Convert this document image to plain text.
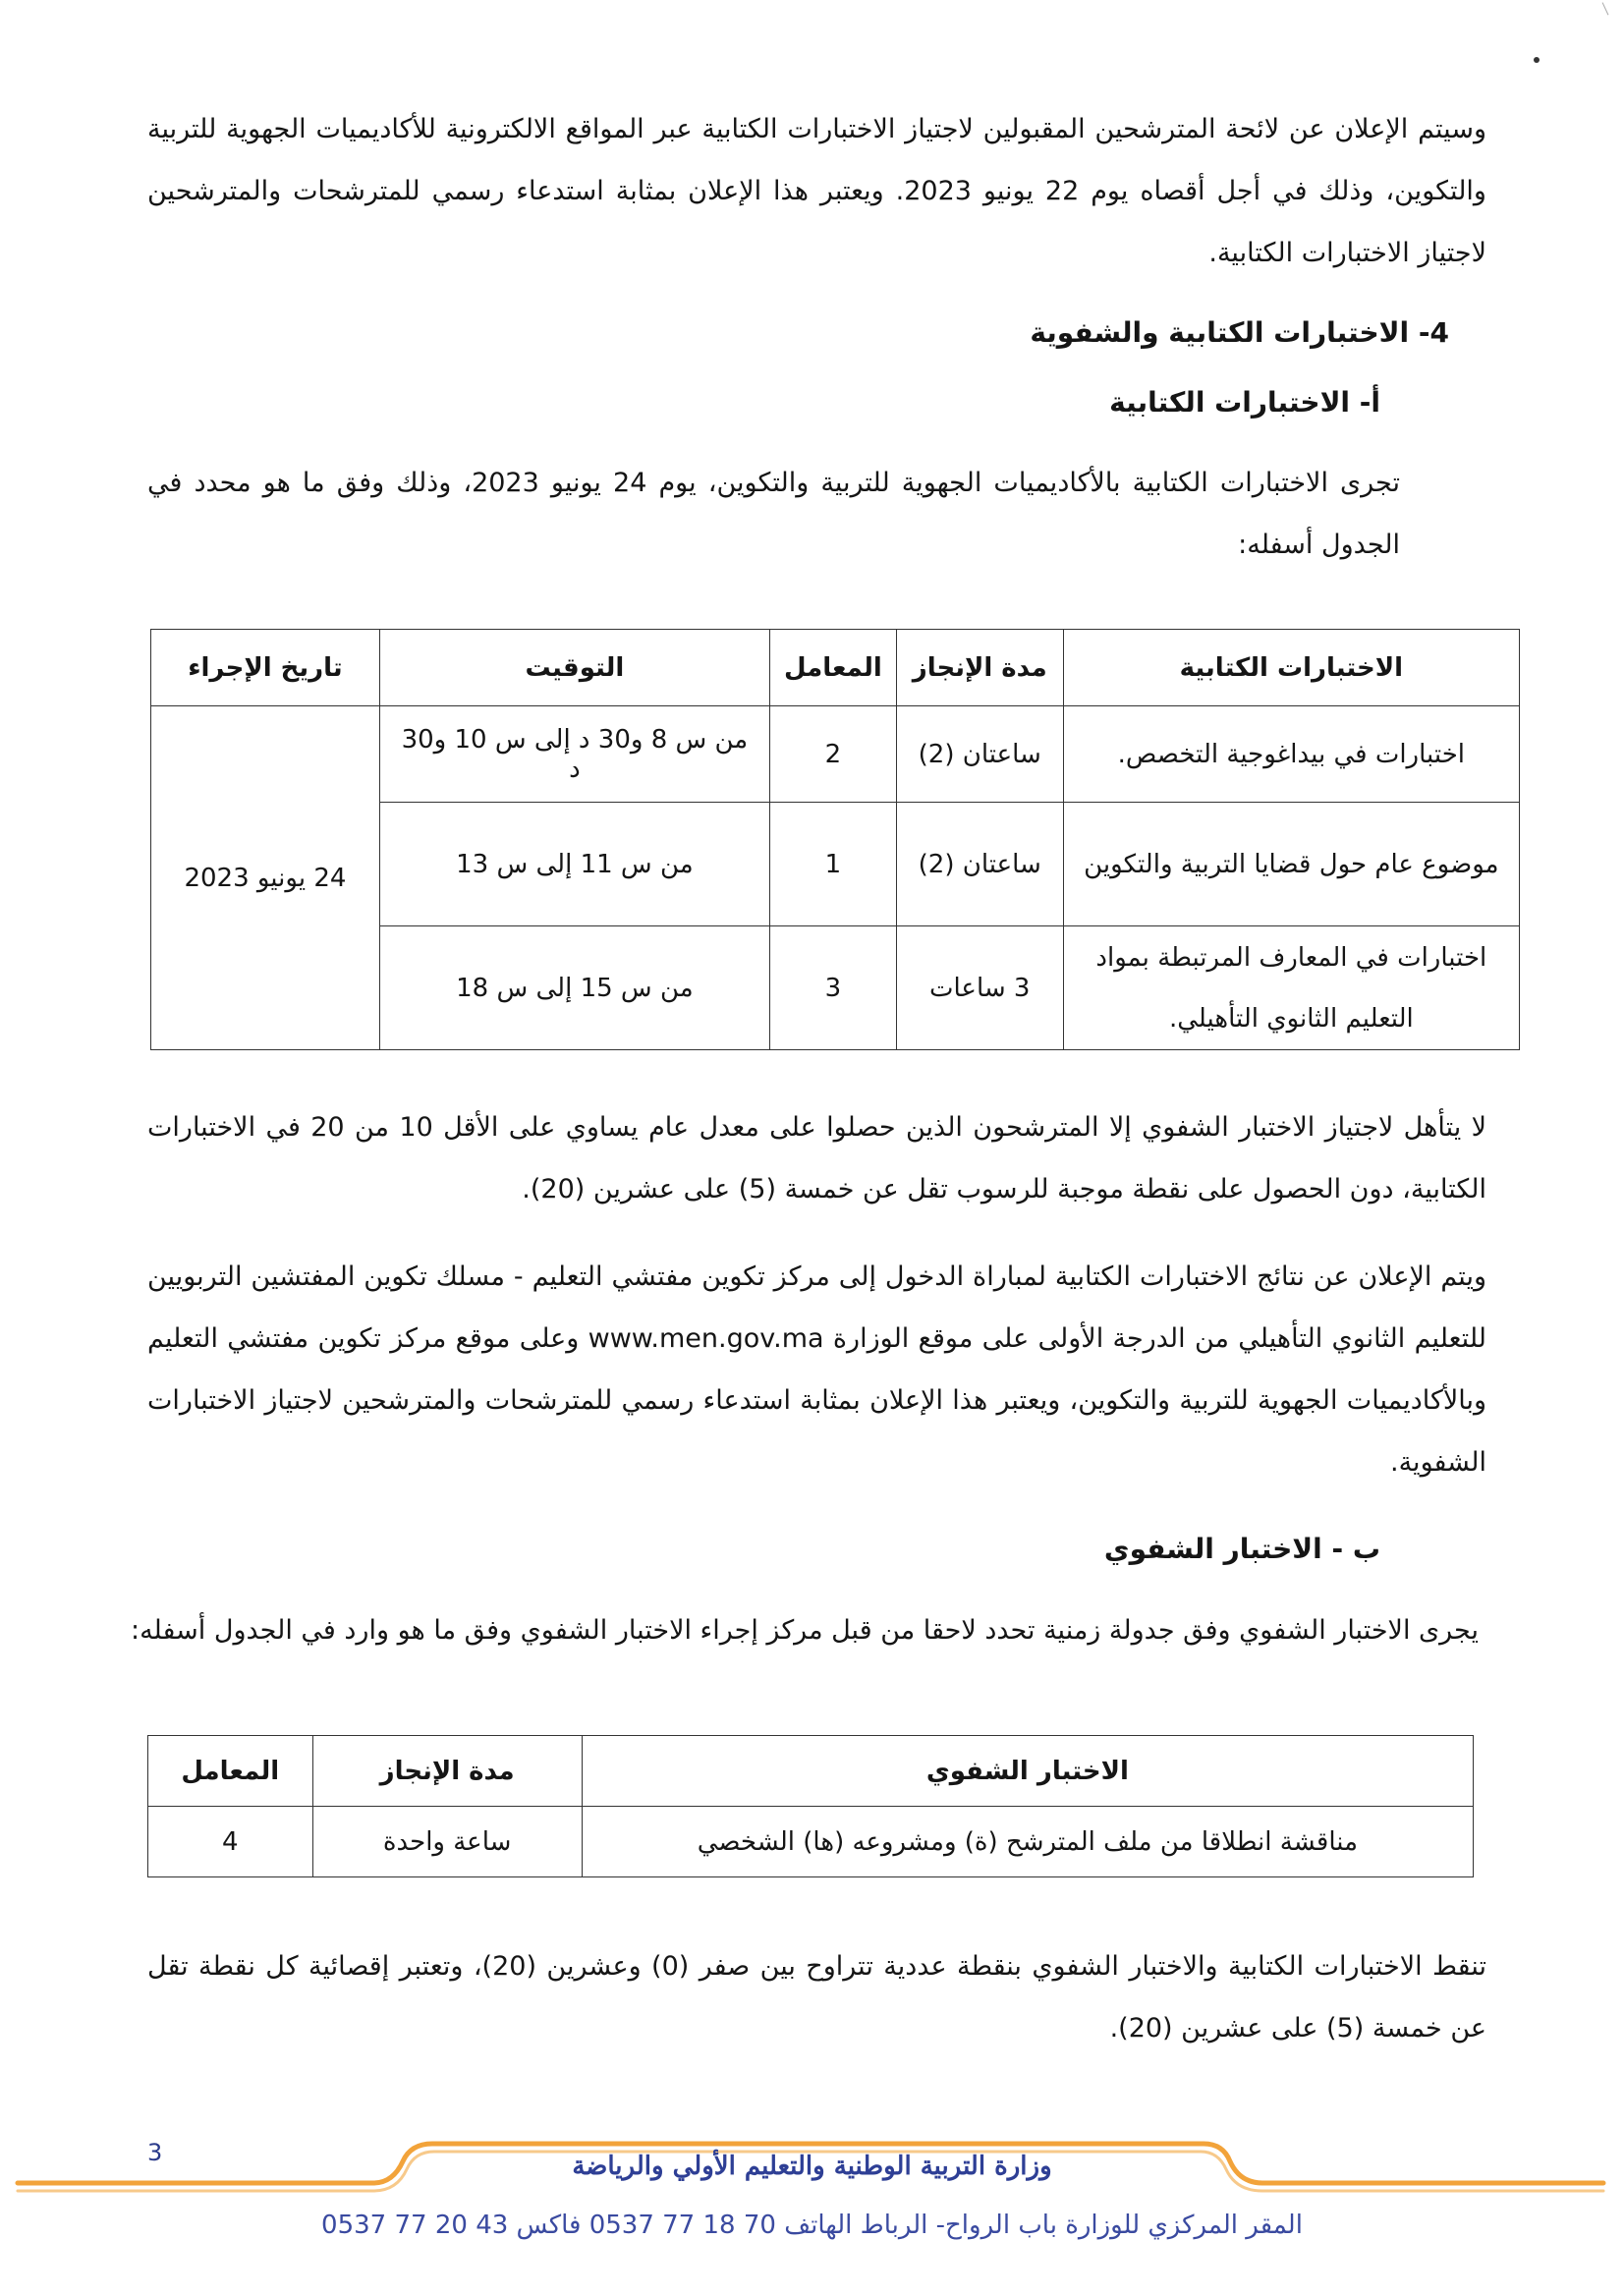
وسيتم الإعلان عن لائحة المترشحين المقبولين لاجتياز الاختبارات الكتابية عبر المواقع الالكترونية للأكاديميات الجهوية للتربية والتكوين، وذلك في أجل أقصاه يوم 22 يونيو 2023. ويعتبر هذا الإعلان بمثابة استدعاء رسمي للمترشحات والمترشحين لاجتياز الاختبارات الكتابية.

4- الاختبارات الكتابية والشفوية
أ- الاختبارات الكتابية

تجرى الاختبارات الكتابية بالأكاديميات الجهوية للتربية والتكوين، يوم 24 يونيو 2023، وذلك وفق ما هو محدد في الجدول أسفله:

الاختبارات الكتابية	مدة الإنجاز	المعامل	التوقيت	تاريخ الإجراء
اختبارات في بيداغوجية التخصص.	ساعتان (2)	2	من س 8 و30 د إلى س 10 و30 د	24 يونيو 2023
موضوع عام حول قضايا التربية والتكوين	ساعتان (2)	1	من س 11 إلى س 13	
اختبارات في المعارف المرتبطة بمواد التعليم الثانوي التأهيلي.	3 ساعات	3	من س 15 إلى س 18	

لا يتأهل لاجتياز الاختبار الشفوي إلا المترشحون الذين حصلوا على معدل عام يساوي على الأقل 10 من 20 في الاختبارات الكتابية، دون الحصول على نقطة موجبة للرسوب تقل عن خمسة (5) على عشرين (20).

ويتم الإعلان عن نتائج الاختبارات الكتابية لمباراة الدخول إلى مركز تكوين مفتشي التعليم - مسلك تكوين المفتشين التربويين للتعليم الثانوي التأهيلي من الدرجة الأولى على موقع الوزارة www.men.gov.ma وعلى موقع مركز تكوين مفتشي التعليم وبالأكاديميات الجهوية للتربية والتكوين، ويعتبر هذا الإعلان بمثابة استدعاء رسمي للمترشحات والمترشحين لاجتياز الاختبارات الشفوية.

ب - الاختبار الشفوي

يجرى الاختبار الشفوي وفق جدولة زمنية تحدد لاحقا من قبل مركز إجراء الاختبار الشفوي وفق ما هو وارد في الجدول أسفله:

الاختبار الشفوي	مدة الإنجاز	المعامل
مناقشة انطلاقا من ملف المترشح (ة) ومشروعه (ها) الشخصي	ساعة واحدة	4

تنقط الاختبارات الكتابية والاختبار الشفوي بنقطة عددية تتراوح بين صفر (0) وعشرين (20)، وتعتبر إقصائية كل نقطة تقل عن خمسة (5) على عشرين (20).

3	وزارة التربية الوطنية والتعليم الأولي والرياضة
المقر المركزي للوزارة باب الرواح- الرباط الهاتف 70 18 77 0537 فاكس 43 20 77 0537
